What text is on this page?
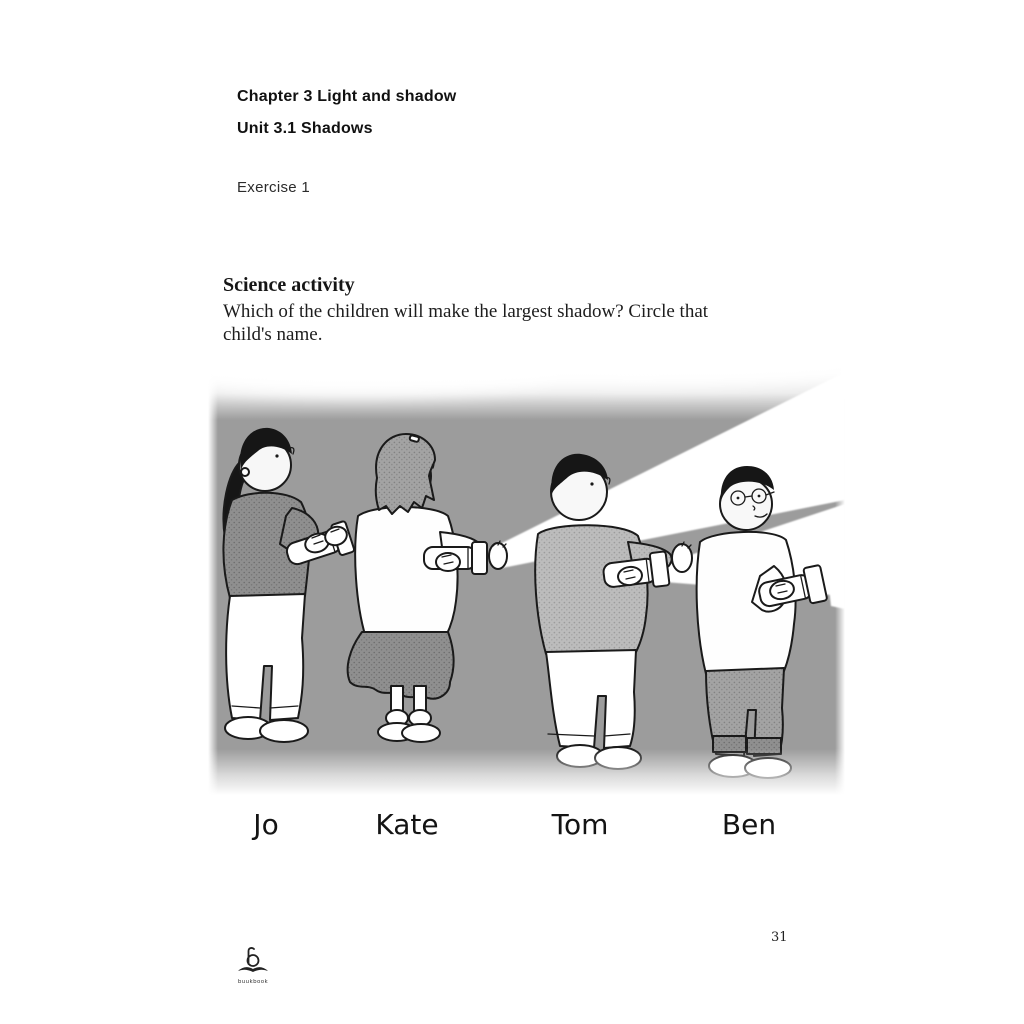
Chapter 3 Light and shadow
Unit 3.1 Shadows
Exercise 1
Science activity
Which of the children will make the largest shadow? Circle that
child's name.
Jo	Kate	Tom	Ben
31
buukbook
